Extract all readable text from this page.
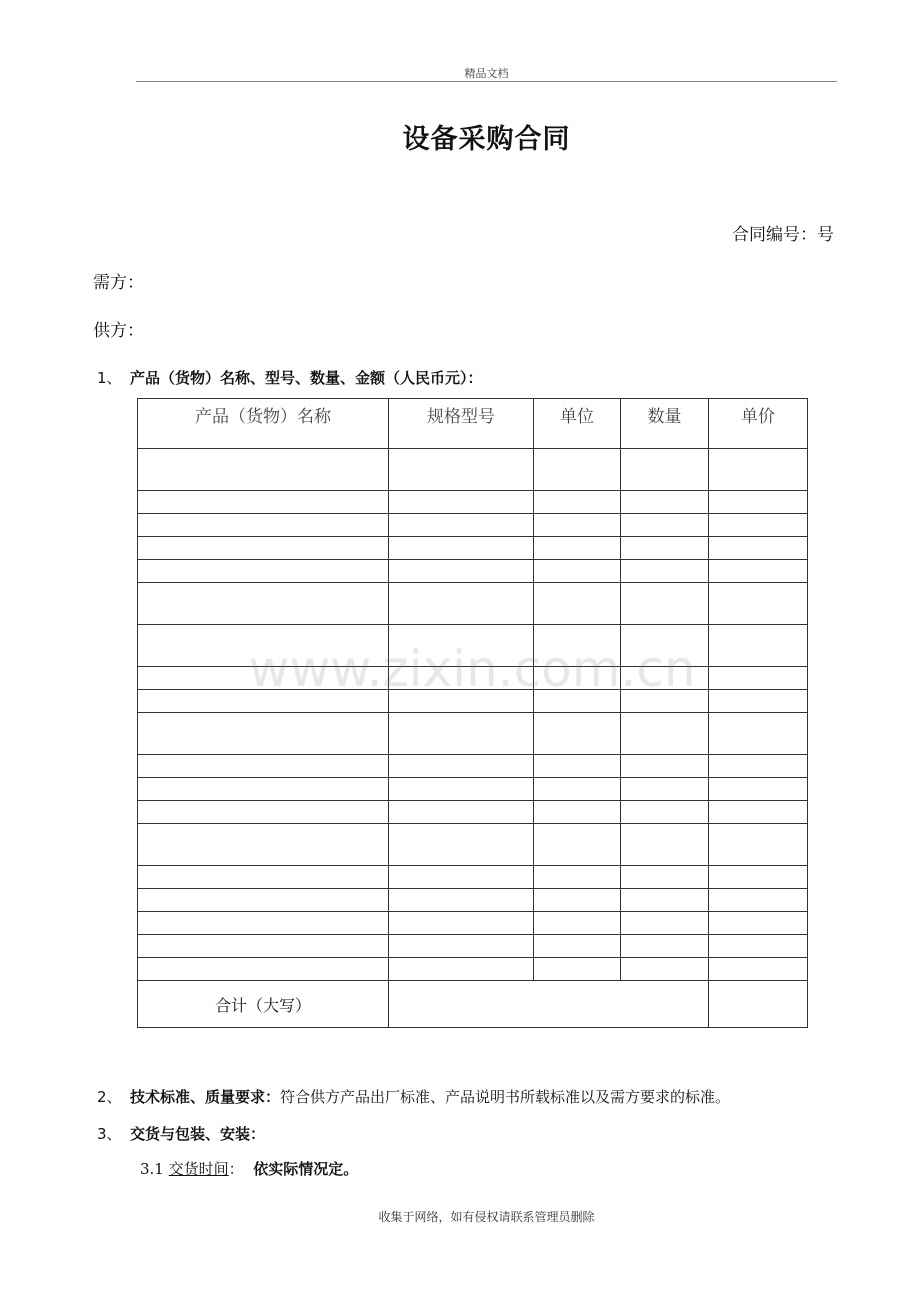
精品文档
设备采购合同
合同编号：号
需方：
供方：
1、 产品（货物）名称、型号、数量、金额（人民币元）：
产品（货物）名称	规格型号	单位	数量	单价

合计（大写）				
www.zixin.com.cn
2、 技术标准、质量要求：符合供方产品出厂标准、产品说明书所载标准以及需方要求的标准。
3、 交货与包装、安装：
3.1 交货时间： 依实际情况定。
收集于网络，如有侵权请联系管理员删除
